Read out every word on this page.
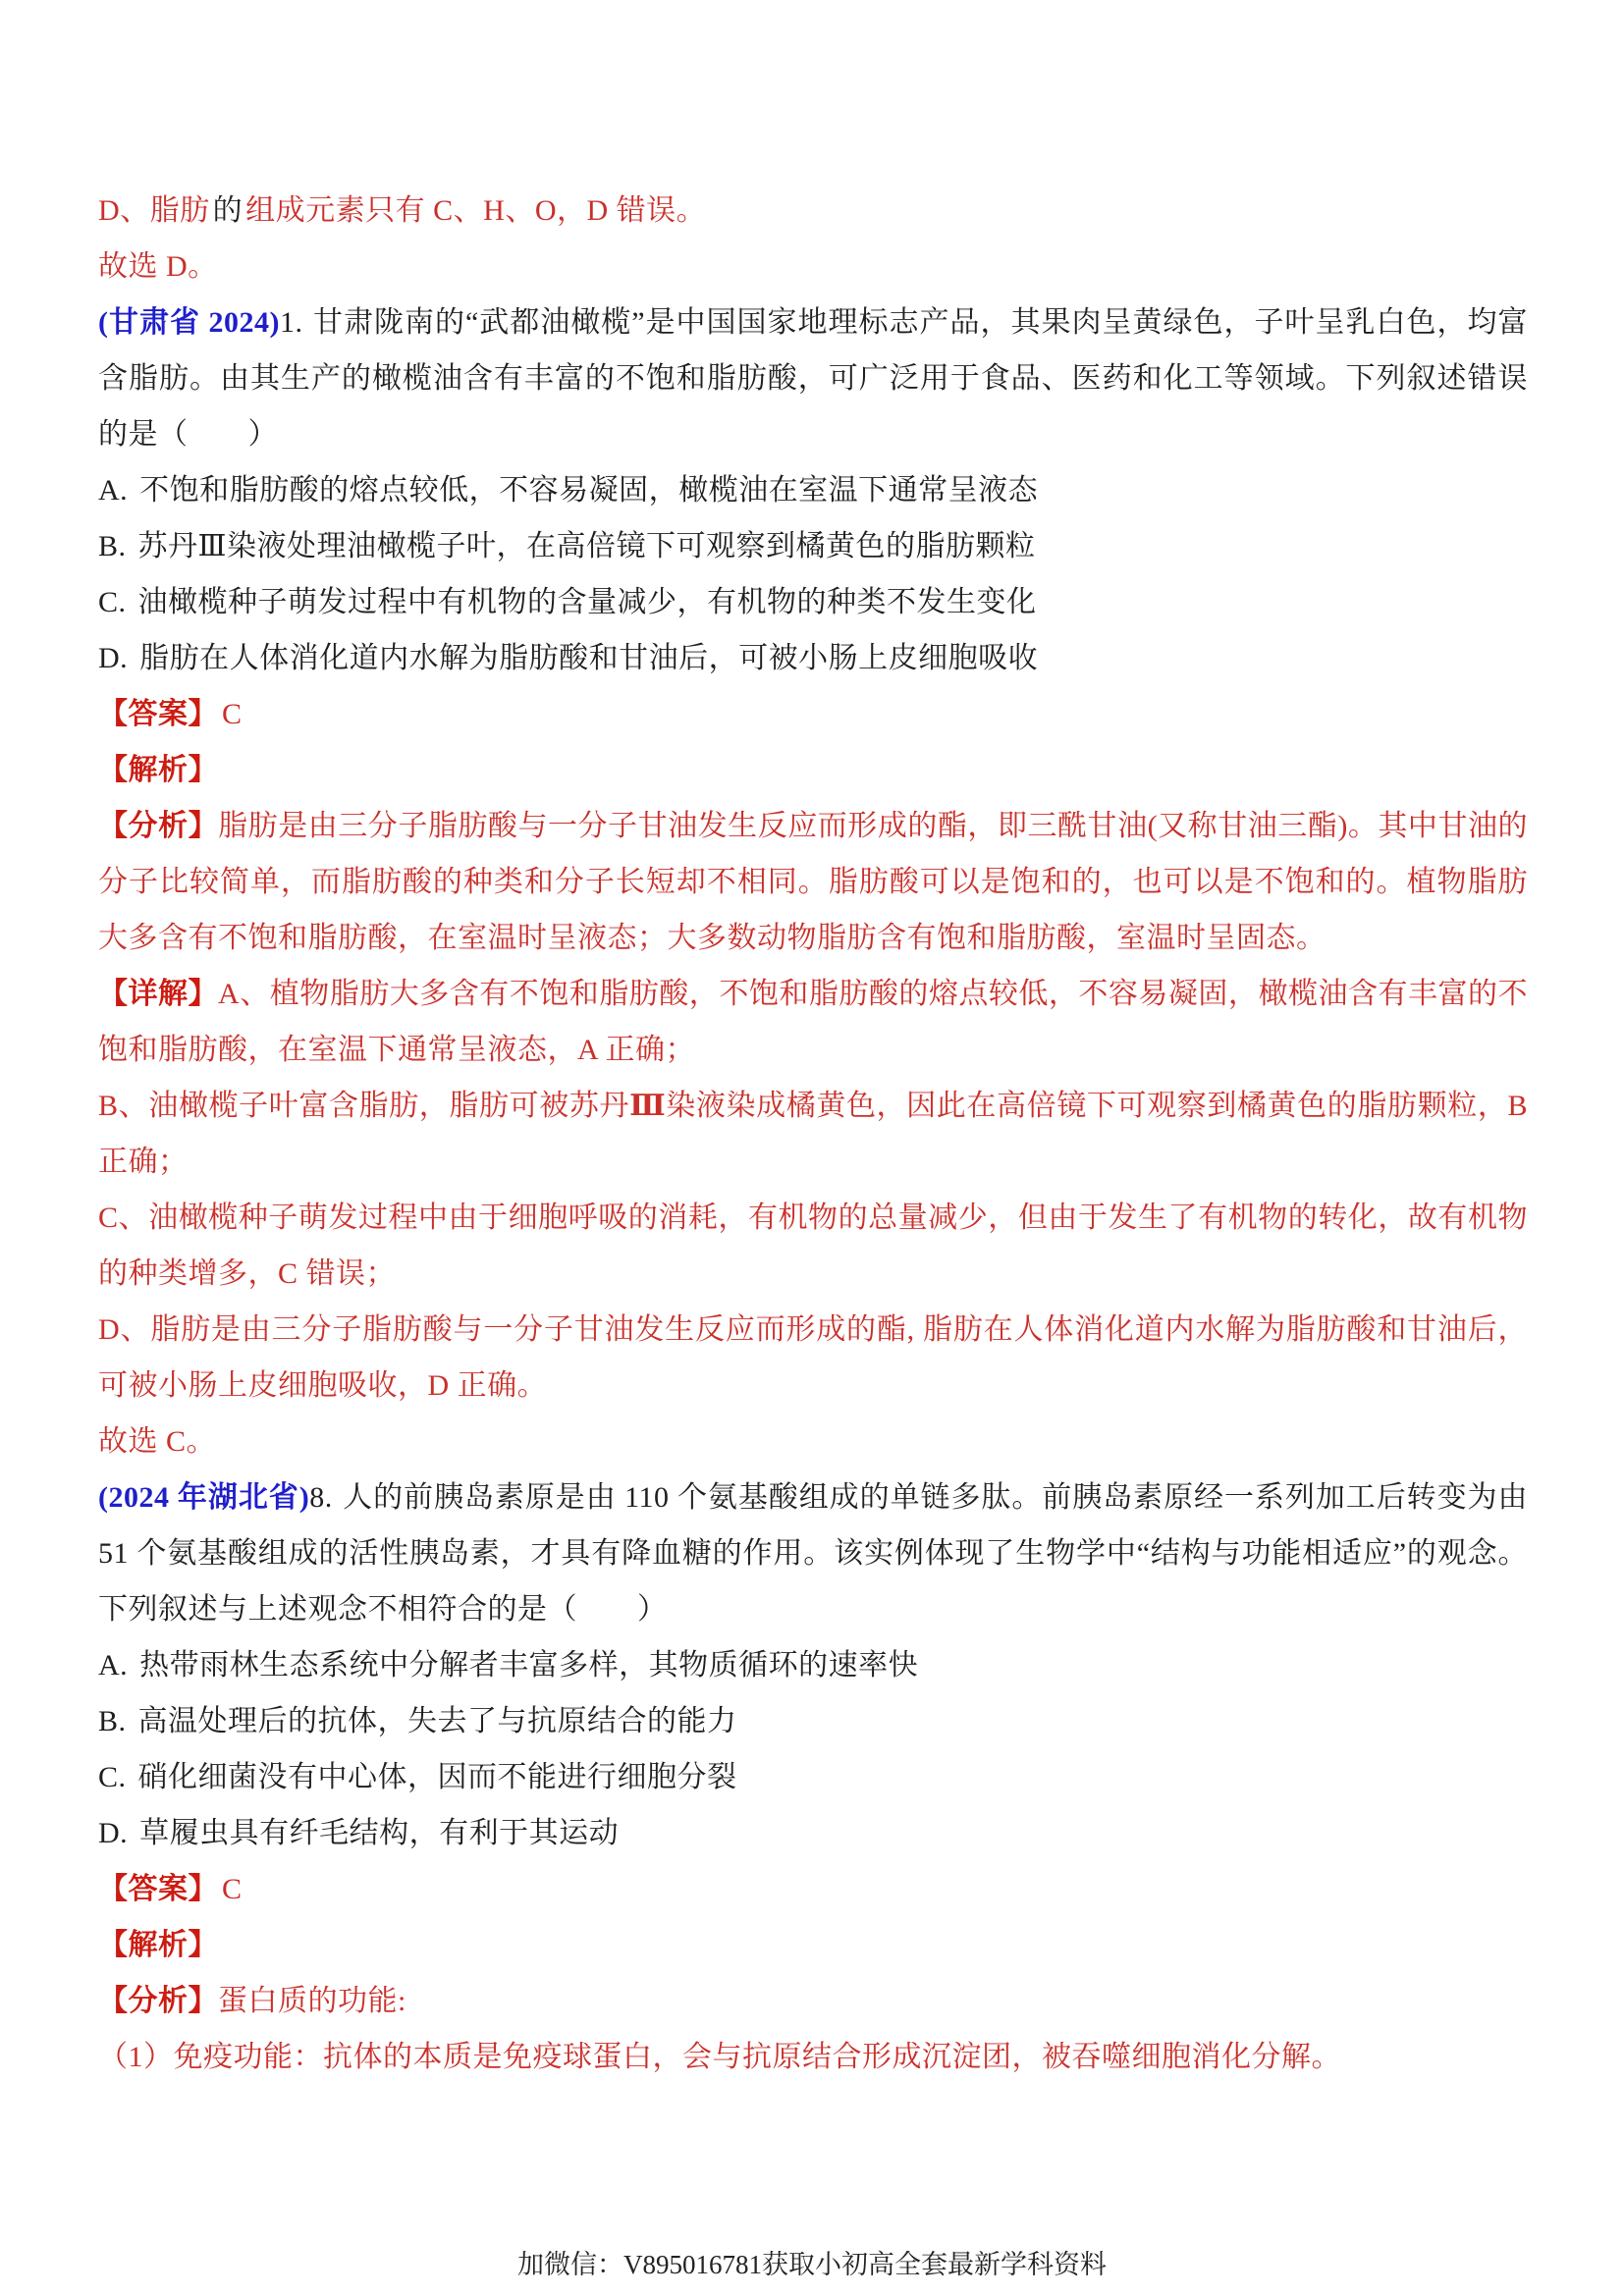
D、脂肪 的 组成元素只有 C、H、O，D 错误。

故选 D。

(甘肃省 2024)1. 甘肃陇南的“武都油橄榄”是中国国家地理标志产品，其果肉呈黄绿色，子叶呈乳白色，均富含脂肪。由其生产的橄榄油含有丰富的不饱和脂肪酸，可广泛用于食品、医药和化工等领域。下列叙述错误的是（　　）

A. 不饱和脂肪酸的熔点较低，不容易凝固，橄榄油在室温下通常呈液态

B. 苏丹Ⅲ染液处理油橄榄子叶，在高倍镜下可观察到橘黄色的脂肪颗粒

C. 油橄榄种子萌发过程中有机物的含量减少，有机物的种类不发生变化

D. 脂肪在人体消化道内水解为脂肪酸和甘油后，可被小肠上皮细胞吸收

【答案】 C

【解析】

【分析】脂肪是由三分子脂肪酸与一分子甘油发生反应而形成的酯，即三酰甘油(又称甘油三酯)。其中甘油的分子比较简单，而脂肪酸的种类和分子长短却不相同。脂肪酸可以是饱和的，也可以是不饱和的。植物脂肪大多含有不饱和脂肪酸，在室温时呈液态；大多数动物脂肪含有饱和脂肪酸，室温时呈固态。

【详解】A、植物脂肪大多含有不饱和脂肪酸，不饱和脂肪酸的熔点较低，不容易凝固，橄榄油含有丰富的不饱和脂肪酸，在室温下通常呈液态，A 正确；

B、油橄榄子叶富含脂肪，脂肪可被苏丹Ⅲ染液染成橘黄色，因此在高倍镜下可观察到橘黄色的脂肪颗粒，B 正确；

C、油橄榄种子萌发过程中由于细胞呼吸的消耗，有机物的总量减少，但由于发生了有机物的转化，故有机物的种类增多，C 错误；

D、脂肪是由三分子脂肪酸与一分子甘油发生反应而形成的酯, 脂肪在人体消化道内水解为脂肪酸和甘油后，可被小肠上皮细胞吸收，D 正确。

故选 C。

(2024 年湖北省)8. 人的前胰岛素原是由 110 个氨基酸组成的单链多肽。前胰岛素原经一系列加工后转变为由 51 个氨基酸组成的活性胰岛素，才具有降血糖的作用。该实例体现了生物学中“结构与功能相适应”的观念。下列叙述与上述观念不相符合的是（　　）

A. 热带雨林生态系统中分解者丰富多样，其物质循环的速率快

B. 高温处理后的抗体，失去了与抗原结合的能力

C. 硝化细菌没有中心体，因而不能进行细胞分裂

D. 草履虫具有纤毛结构，有利于其运动

【答案】 C

【解析】

【分析】蛋白质的功能:

（1）免疫功能：抗体的本质是免疫球蛋白，会与抗原结合形成沉淀团，被吞噬细胞消化分解。

加微信：V895016781获取小初高全套最新学科资料
